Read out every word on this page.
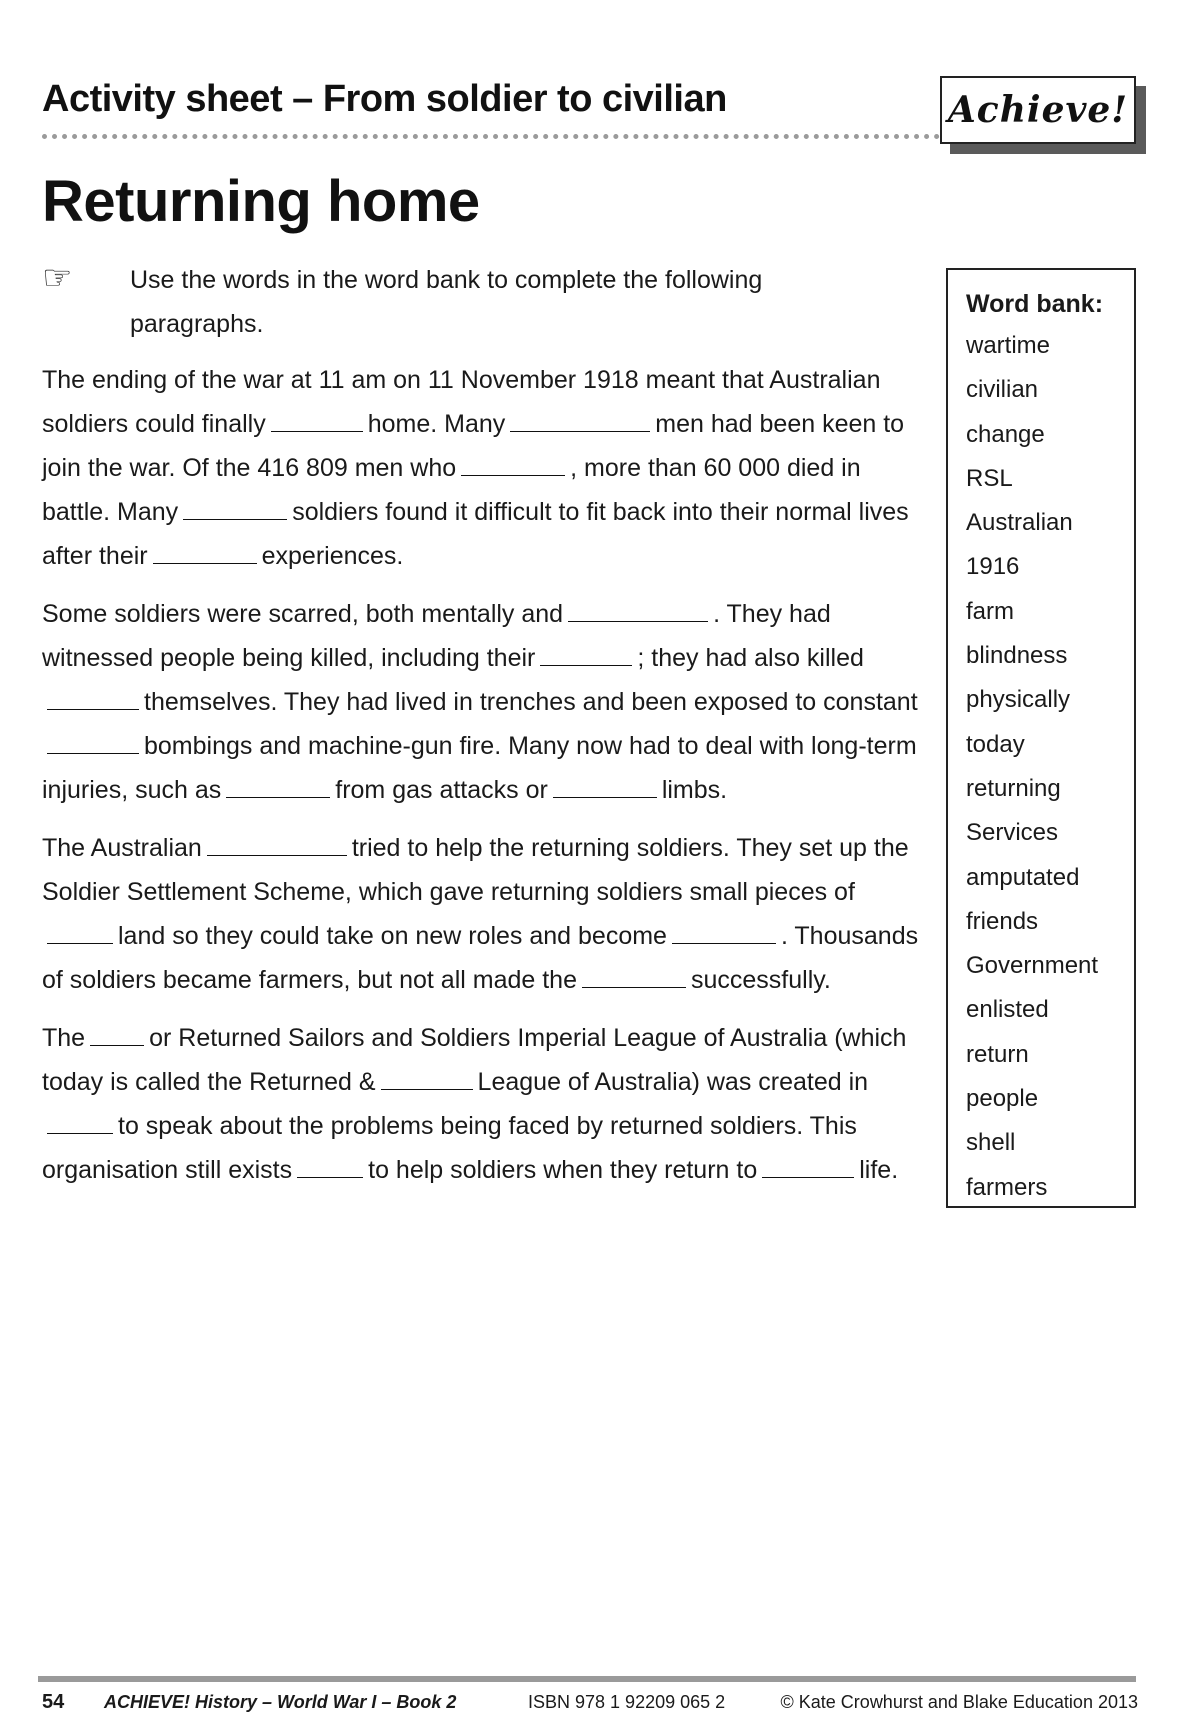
Activity sheet – From soldier to civilian	Achieve!
Returning home
☞	Use the words in the word bank to complete the following paragraphs.

The ending of the war at 11 am on 11 November 1918 meant that Australian soldiers could finally	home. Many	men had been keen to join the war. Of the 416 809 men who	, more than 60 000 died in battle. Many	soldiers found it difficult to fit back into their normal lives after their	experiences.

Some soldiers were scarred, both mentally and	. They had witnessed people being killed, including their	; they had also killedthemselves. They had lived in trenches and been exposed to constantbombings and machine-gun fire. Many now had to deal with long-term injuries, such as	from gas attacks or	limbs.

The Australian	tried to help the returning soldiers. They set up the Soldier Settlement Scheme, which gave returning soldiers small pieces ofland so they could take on new roles and become	. Thousands of soldiers became farmers, but not all made the	successfully.

The	or Returned Sailors and Soldiers Imperial League of Australia (which today is called the Returned &	League of Australia) was created into speak about the problems being faced by returned soldiers. This organisation still exists	to help soldiers when they return to	life.

Word bank:
wartime
civilian
change
RSL
Australian
1916
farm
blindness
physically
today
returning
Services
amputated
friends
Government
enlisted
return
people
shell
farmers
54	ACHIEVE! History – World War I – Book 2	ISBN 978 1 92209 065 2	© Kate Crowhurst and Blake Education 2013
